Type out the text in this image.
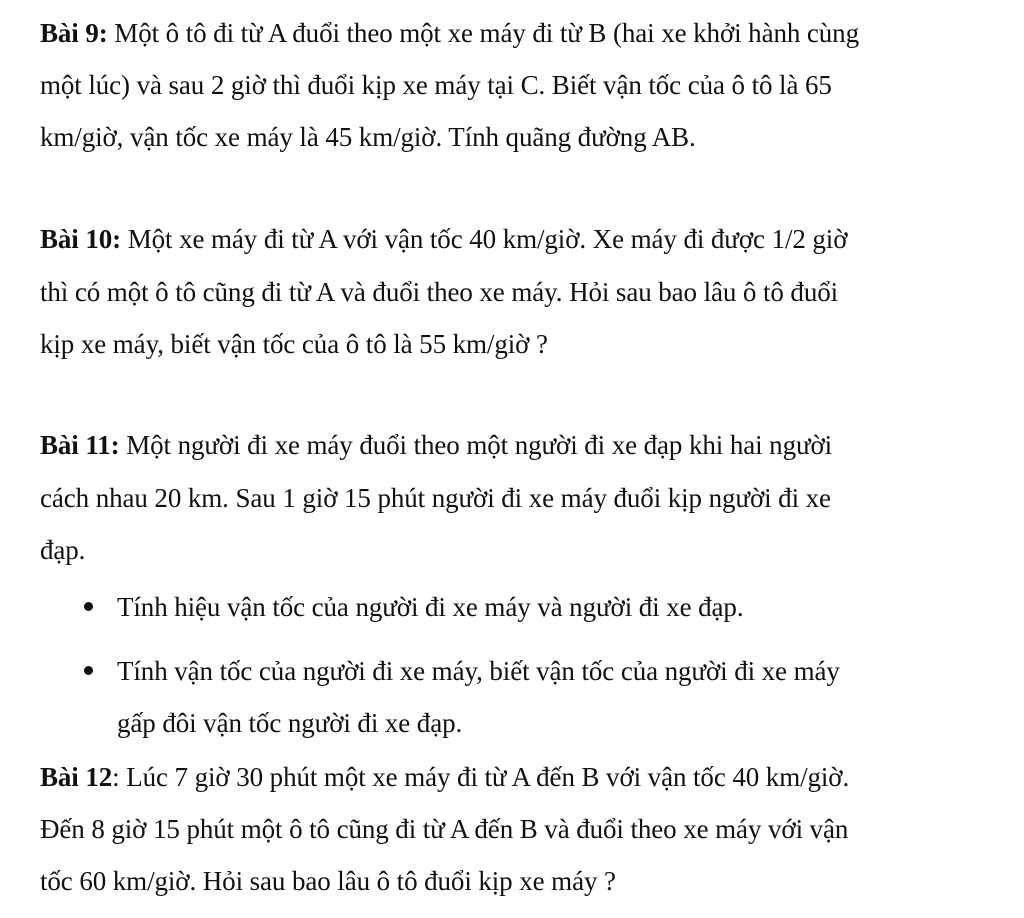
Bài 9: Một ô tô đi từ A đuổi theo một xe máy đi từ B (hai xe khởi hành cùng
một lúc) và sau 2 giờ thì đuổi kịp xe máy tại C. Biết vận tốc của ô tô là 65
km/giờ, vận tốc xe máy là 45 km/giờ. Tính quãng đường AB.
Bài 10: Một xe máy đi từ A với vận tốc 40 km/giờ. Xe máy đi được 1/2 giờ
thì có một ô tô cũng đi từ A và đuổi theo xe máy. Hỏi sau bao lâu ô tô đuổi
kịp xe máy, biết vận tốc của ô tô là 55 km/giờ ?
Bài 11: Một người đi xe máy đuổi theo một người đi xe đạp khi hai người
cách nhau 20 km. Sau 1 giờ 15 phút người đi xe máy đuổi kịp người đi xe
đạp.
Tính hiệu vận tốc của người đi xe máy và người đi xe đạp.
Tính vận tốc của người đi xe máy, biết vận tốc của người đi xe máy
gấp đôi vận tốc người đi xe đạp.
Bài 12: Lúc 7 giờ 30 phút một xe máy đi từ A đến B với vận tốc 40 km/giờ.
Đến 8 giờ 15 phút một ô tô cũng đi từ A đến B và đuổi theo xe máy với vận
tốc 60 km/giờ. Hỏi sau bao lâu ô tô đuổi kịp xe máy ?
